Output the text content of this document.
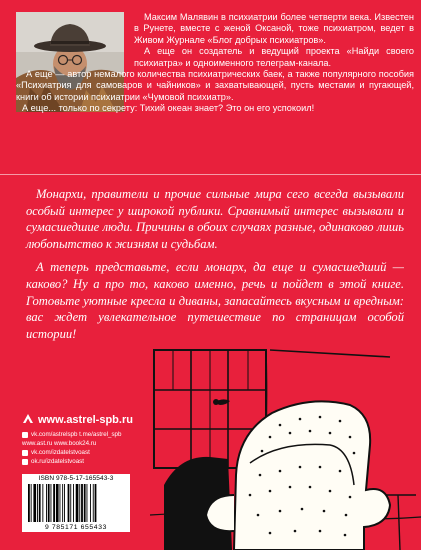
Максим Малявин в психиатрии более четверти века. Известен в Рунете, вместе с женой Оксаной, тоже психиатром, ведет в Живом Журнале «Блог добрых психиатров».

А еще он создатель и ведущий проекта «Найди своего психиатра» и одноименного телеграм-канала.

А еще — автор немалого количества психиатрических баек, а также популярного пособия «Психиатрия для самоваров и чайников» и захватывающей, пусть местами и пугающей, книги об истории психиатрии «Чумовой психиатр».

А еще... только по секрету: Тихий океан знает? Это он его успокоил!

Монархи, правители и прочие сильные мира сего всегда вызывали особый интерес у широкой публики. Сравнимый интерес вызывали и сумасшедшие люди. Причины в обоих случаях разные, одинаково лишь любопытство к жизням и судьбам.

А теперь представьте, если монарх, да еще и сумасшедший — каково? Ну а про то, каково именно, речь и пойдет в этой книге. Готовьте уютные кресла и диваны, запасайтесь вкусным и вредным: вас ждет увлекательное путешествие по страницам особой истории!

www.astrel-spb.ru
vk.com/astrelspb t.me/astrel_spb
www.ast.ru www.book24.ru
vk.com/izdatelstvoast
ok.ru/izdatelstvoast
ISBN 978-5-17-165543-3
9 785171 655433
